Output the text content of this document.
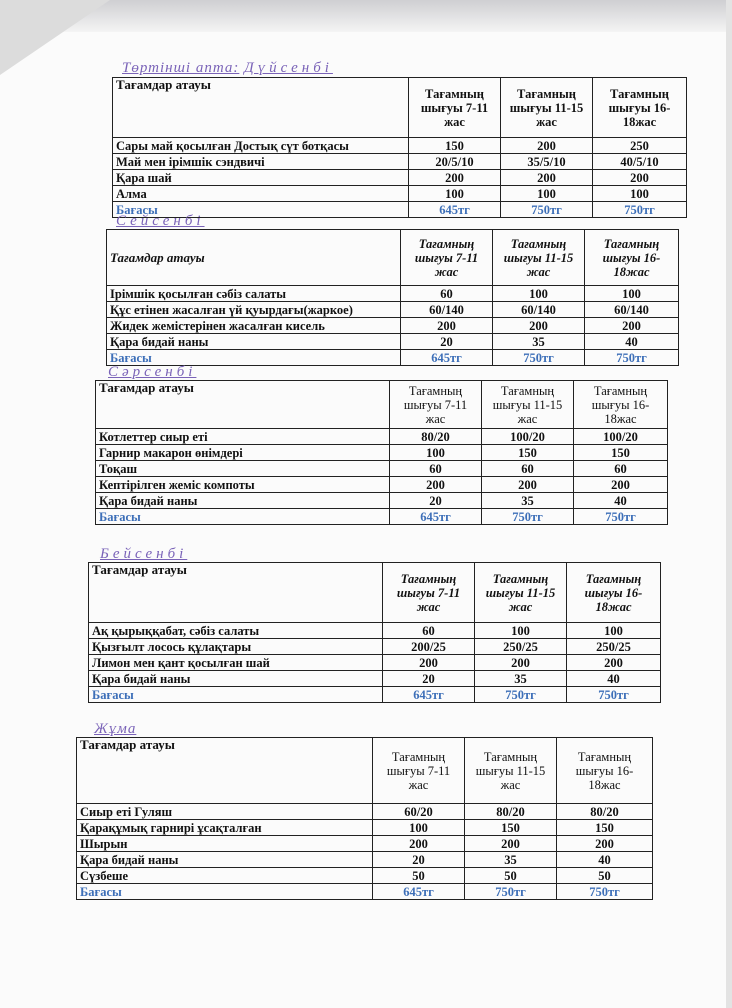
Төртінші апта: Дүйсенбі
Тағамдар атауы	Тағамның шығуы 7-11 жас	Тағамның шығуы 11-15 жас	Тағамның шығуы 16-18жас
Сары май қосылған Достық сүт ботқасы	150	200	250
Май мен ірімшік сэндвичі	20/5/10	35/5/10	40/5/10
Қара шай	200	200	200
Алма	100	100	100
Бағасы	645тг	750тг	750тг
Сейсенбі
Тағамдар атауы	Тағамның шығуы 7-11 жас	Тағамның шығуы 11-15 жас	Тағамның шығуы 16-18жас
Ірімшік қосылған сәбіз салаты	60	100	100
Құс етінен жасалған үй қуырдағы(жаркое)	60/140	60/140	60/140
Жидек жемістерінен жасалған кисель	200	200	200
Қара бидай наны	20	35	40
Бағасы	645тг	750тг	750тг
Сәрсенбі
Тағамдар атауы	Тағамның шығуы 7-11 жас	Тағамның шығуы 11-15 жас	Тағамның шығуы 16-18жас
Котлеттер сиыр еті	80/20	100/20	100/20
Гарнир макарон өнімдері	100	150	150
Тоқаш	60	60	60
Кептірілген жеміс компоты	200	200	200
Қара бидай наны	20	35	40
Бағасы	645тг	750тг	750тг
Бейсенбі
Тағамдар атауы	Тағамның шығуы 7-11 жас	Тағамның шығуы 11-15 жас	Тағамның шығуы 16-18жас
Ақ қырыққабат, сәбіз салаты	60	100	100
Қызғылт лосось құлақтары	200/25	250/25	250/25
Лимон мен қант қосылған шай	200	200	200
Қара бидай наны	20	35	40
Бағасы	645тг	750тг	750тг
Жұма
Тағамдар атауы	Тағамның шығуы 7-11 жас	Тағамның шығуы 11-15 жас	Тағамның шығуы 16-18жас
Сиыр еті Гуляш	60/20	80/20	80/20
Қарақұмық гарнирі ұсақталған	100	150	150
Шырын	200	200	200
Қара бидай наны	20	35	40
Сүзбеше	50	50	50
Бағасы	645тг	750тг	750тг
